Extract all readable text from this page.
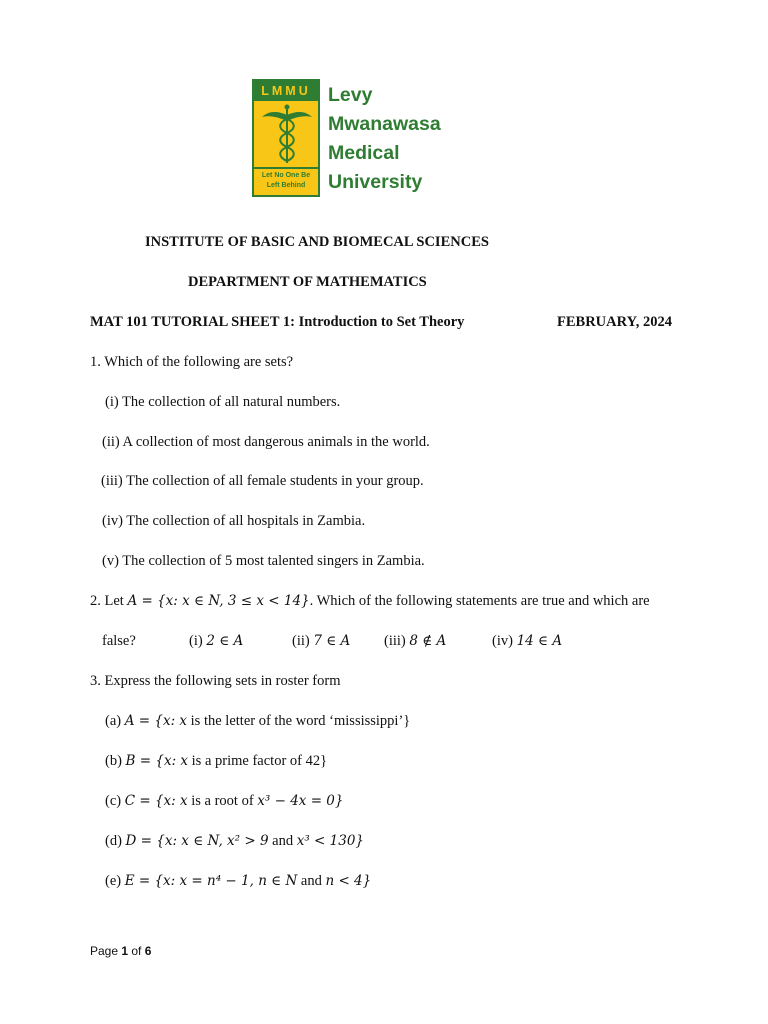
LMMU
Let No One Be
Left Behind
Levy
Mwanawasa
Medical
University
INSTITUTE OF BASIC AND BIOMECAL SCIENCES
DEPARTMENT OF MATHEMATICS
MAT 101 TUTORIAL SHEET 1: Introduction to Set Theory	FEBRUARY, 2024
1. Which of the following are sets?
(i) The collection of all natural numbers.
(ii) A collection of most dangerous animals in the world.
(iii) The collection of all female students in your group.
(iv) The collection of all hospitals in Zambia.
(v) The collection of 5 most talented singers in Zambia.
2. Let A = {x: x ∈ N, 3 ≤ x < 14}. Which of the following statements are true and which are
false?	(i) 2 ∈ A	(ii) 7 ∈ A (iii) 8 ∉ A	(iv) 14 ∈ A
3. Express the following sets in roster form
(a) A = {x: x is the letter of the word ‘mississippi’}
(b) B = {x: x is a prime factor of 42}
(c) C = {x: x is a root of x³ − 4x = 0}
(d) D = {x: x ∈ N, x² > 9 and x³ < 130}
(e) E = {x: x = n⁴ − 1, n ∈ N and n < 4}
Page 1 of 6
